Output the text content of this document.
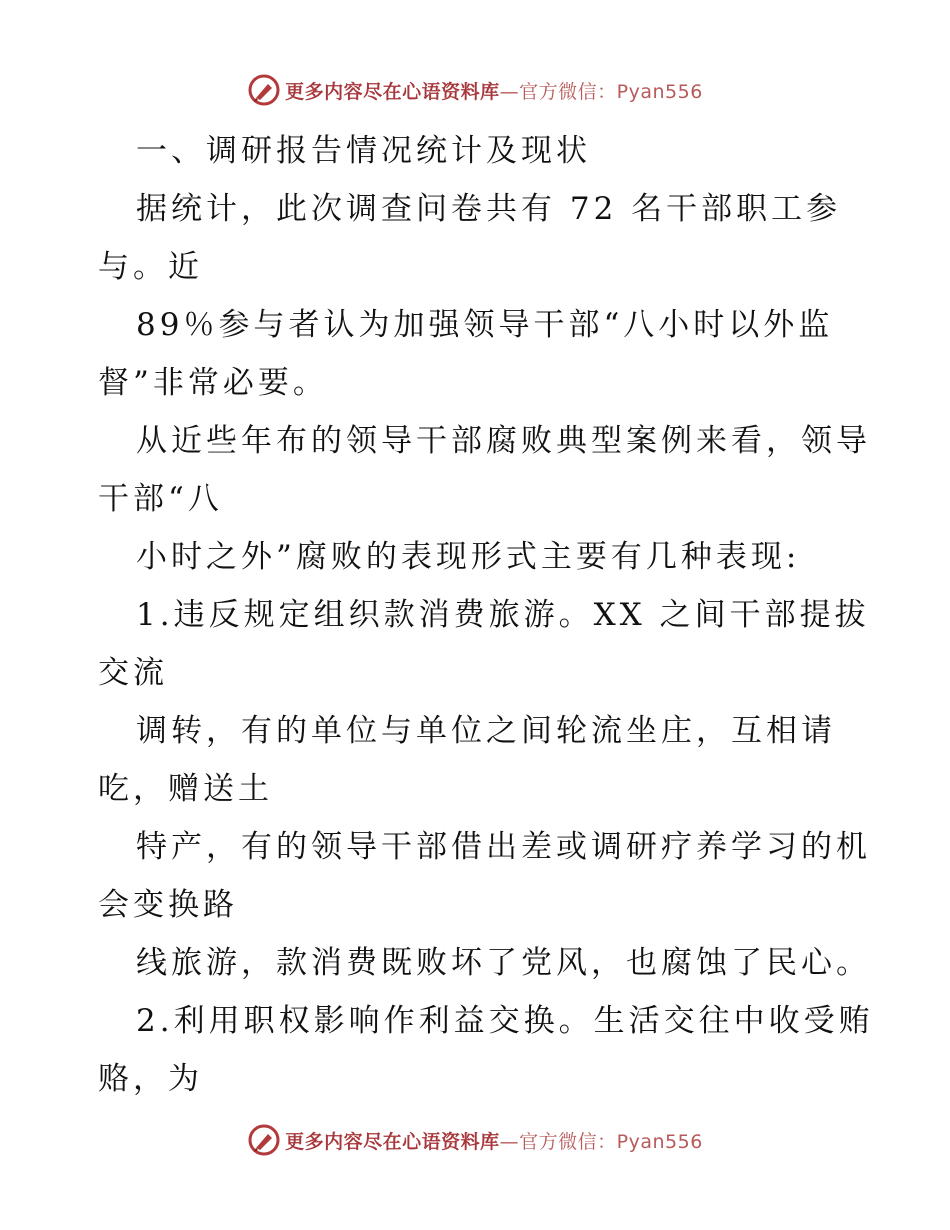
更多内容尽在心语资料库—官方微信：Pyan556
一、调研报告情况统计及现状
据统计，此次调查问卷共有 72 名干部职工参
与。近
89％参与者认为加强领导干部“八小时以外监
督”非常必要。
从近些年布的领导干部腐败典型案例来看，领导
干部“八
小时之外”腐败的表现形式主要有几种表现:
1.违反规定组织款消费旅游。XX 之间干部提拔
交流
调转，有的单位与单位之间轮流坐庄，互相请
吃，赠送土
特产，有的领导干部借出差或调研疗养学习的机
会变换路
线旅游，款消费既败坏了党风，也腐蚀了民心。
2.利用职权影响作利益交换。生活交往中收受贿
赂，为
更多内容尽在心语资料库—官方微信：Pyan556
